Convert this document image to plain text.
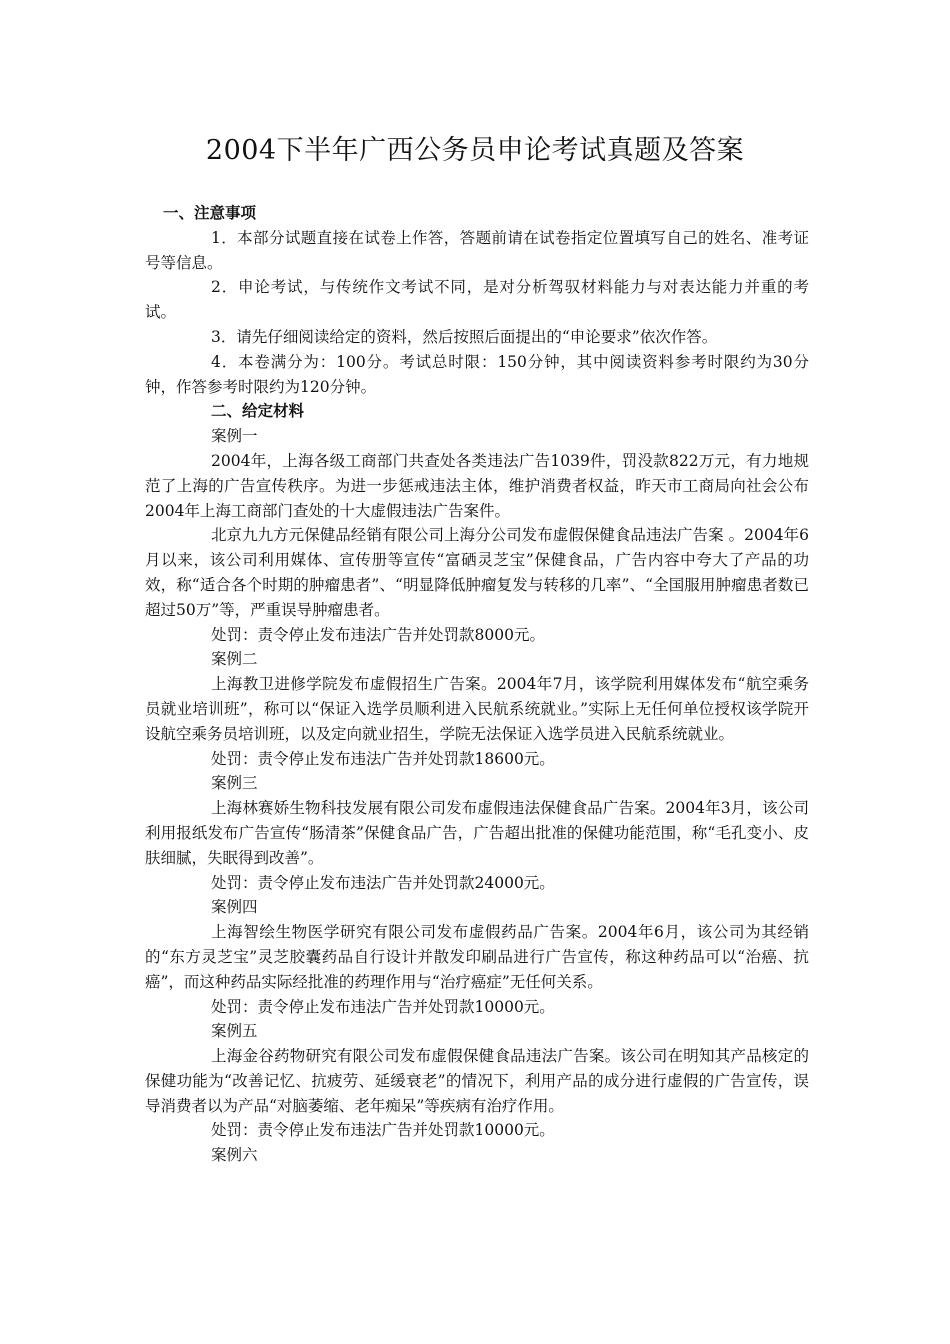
2004下半年广西公务员申论考试真题及答案

一、注意事项

1．本部分试题直接在试卷上作答，答题前请在试卷指定位置填写自己的姓名、准考证号等信息。

2．申论考试，与传统作文考试不同，是对分析驾驭材料能力与对表达能力并重的考试。

3．请先仔细阅读给定的资料，然后按照后面提出的“申论要求”依次作答。

4．本卷满分为：100分。考试总时限：150分钟，其中阅读资料参考时限约为30分钟，作答参考时限约为120分钟。

二、给定材料

案例一

2004年，上海各级工商部门共查处各类违法广告1039件，罚没款822万元，有力地规范了上海的广告宣传秩序。为进一步惩戒违法主体，维护消费者权益，昨天市工商局向社会公布2004年上海工商部门查处的十大虚假违法广告案件。

北京九九方元保健品经销有限公司上海分公司发布虚假保健食品违法广告案 。2004年6月以来，该公司利用媒体、宣传册等宣传“富硒灵芝宝”保健食品，广告内容中夸大了产品的功效，称“适合各个时期的肿瘤患者”、“明显降低肿瘤复发与转移的几率”、“全国服用肿瘤患者数已超过50万”等，严重误导肿瘤患者。

处罚：责令停止发布违法广告并处罚款8000元。

案例二

上海教卫进修学院发布虚假招生广告案。2004年7月，该学院利用媒体发布“航空乘务员就业培训班”，称可以“保证入选学员顺利进入民航系统就业。”实际上无任何单位授权该学院开设航空乘务员培训班，以及定向就业招生，学院无法保证入选学员进入民航系统就业。

处罚：责令停止发布违法广告并处罚款18600元。

案例三

上海林赛娇生物科技发展有限公司发布虚假违法保健食品广告案。2004年3月，该公司利用报纸发布广告宣传“肠清茶”保健食品广告，广告超出批准的保健功能范围，称“毛孔变小、皮肤细腻，失眠得到改善”。

处罚：责令停止发布违法广告并处罚款24000元。

案例四

上海智绘生物医学研究有限公司发布虚假药品广告案。2004年6月，该公司为其经销的“东方灵芝宝”灵芝胶囊药品自行设计并散发印刷品进行广告宣传，称这种药品可以“治癌、抗癌”，而这种药品实际经批准的药理作用与“治疗癌症”无任何关系。

处罚：责令停止发布违法广告并处罚款10000元。

案例五

上海金谷药物研究有限公司发布虚假保健食品违法广告案。该公司在明知其产品核定的保健功能为“改善记忆、抗疲劳、延缓衰老”的情况下，利用产品的成分进行虚假的广告宣传，误导消费者以为产品“对脑萎缩、老年痴呆”等疾病有治疗作用。

处罚：责令停止发布违法广告并处罚款10000元。

案例六
